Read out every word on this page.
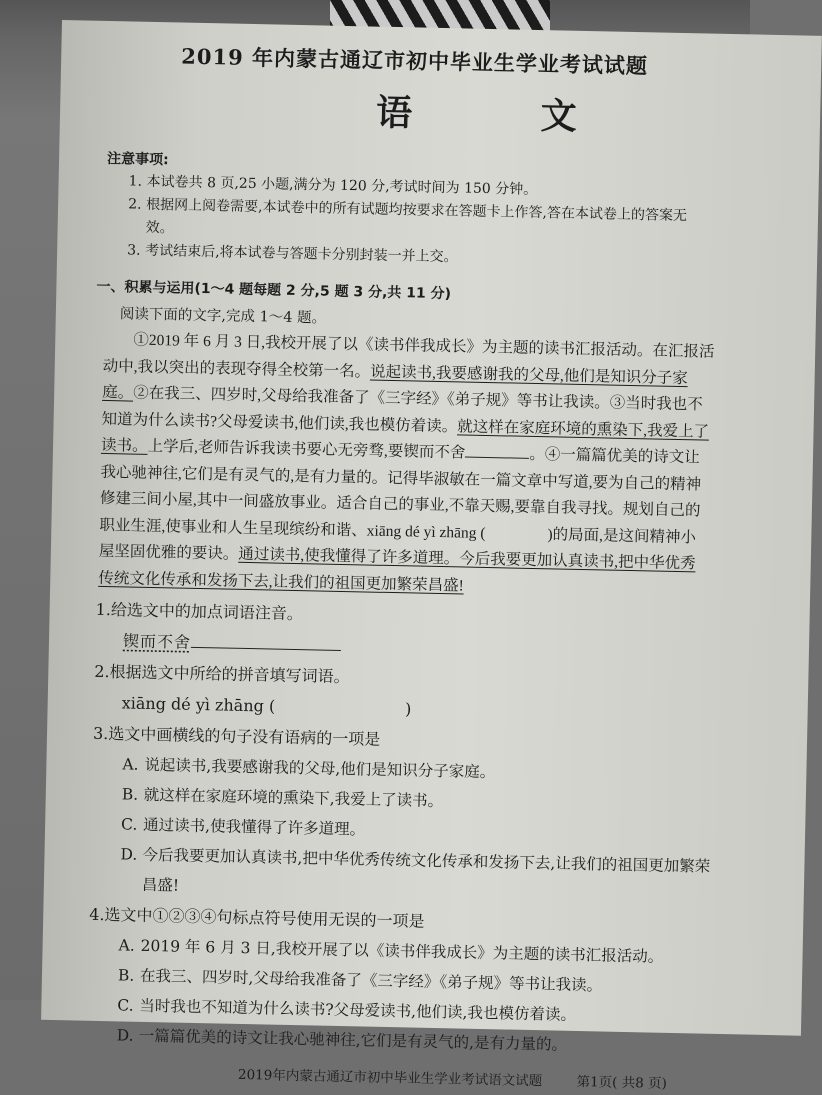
2019 年内蒙古通辽市初中毕业生学业考试试题
语 文
注意事项:
1. 本试卷共 8 页,25 小题,满分为 120 分,考试时间为 150 分钟。
2. 根据网上阅卷需要,本试卷中的所有试题均按要求在答题卡上作答,答在本试卷上的答案无效。
3. 考试结束后,将本试卷与答题卡分别封装一并上交。
一、积累与运用(1～4 题每题 2 分,5 题 3 分,共 11 分)
阅读下面的文字,完成 1～4 题。

①2019 年 6 月 3 日,我校开展了以《读书伴我成长》为主题的读书汇报活动。在汇报活动中,我以突出的表现夺得全校第一名。说起读书,我要感谢我的父母,他们是知识分子家庭。②在我三、四岁时,父母给我准备了《三字经》《弟子规》等书让我读。③当时我也不知道为什么读书?父母爱读书,他们读,我也模仿着读。就这样在家庭环境的熏染下,我爱上了读书。上学后,老师告诉我读书要心无旁骛,要锲而不舍	。④一篇篇优美的诗文让我心驰神往,它们是有灵气的,是有力量的。记得毕淑敏在一篇文章中写道,要为自己的精神修建三间小屋,其中一间盛放事业。适合自己的事业,不靠天赐,要靠自我寻找。规划自己的职业生涯,使事业和人生呈现缤纷和谐、xiāng dé yì zhāng (　　　　)的局面,是这间精神小屋坚固优雅的要诀。通过读书,使我懂得了许多道理。今后我要更加认真读书,把中华优秀传统文化传承和发扬下去,让我们的祖国更加繁荣昌盛!

1.给选文中的加点词语注音。

锲而不舍

2.根据选文中所给的拼音填写词语。

xiāng dé yì zhāng (	)

3.选文中画横线的句子没有语病的一项是

A. 说起读书,我要感谢我的父母,他们是知识分子家庭。

B. 就这样在家庭环境的熏染下,我爱上了读书。

C. 通过读书,使我懂得了许多道理。

D. 今后我要更加认真读书,把中华优秀传统文化传承和发扬下去,让我们的祖国更加繁荣

昌盛!

4.选文中①②③④句标点符号使用无误的一项是

A. 2019 年 6 月 3 日,我校开展了以《读书伴我成长》为主题的读书汇报活动。

B. 在我三、四岁时,父母给我准备了《三字经》《弟子规》等书让我读。

C. 当时我也不知道为什么读书?父母爱读书,他们读,我也模仿着读。

D. 一篇篇优美的诗文让我心驰神往,它们是有灵气的,是有力量的。

2019年内蒙古通辽市初中毕业生学业考试语文试题	第1页( 共8 页)
